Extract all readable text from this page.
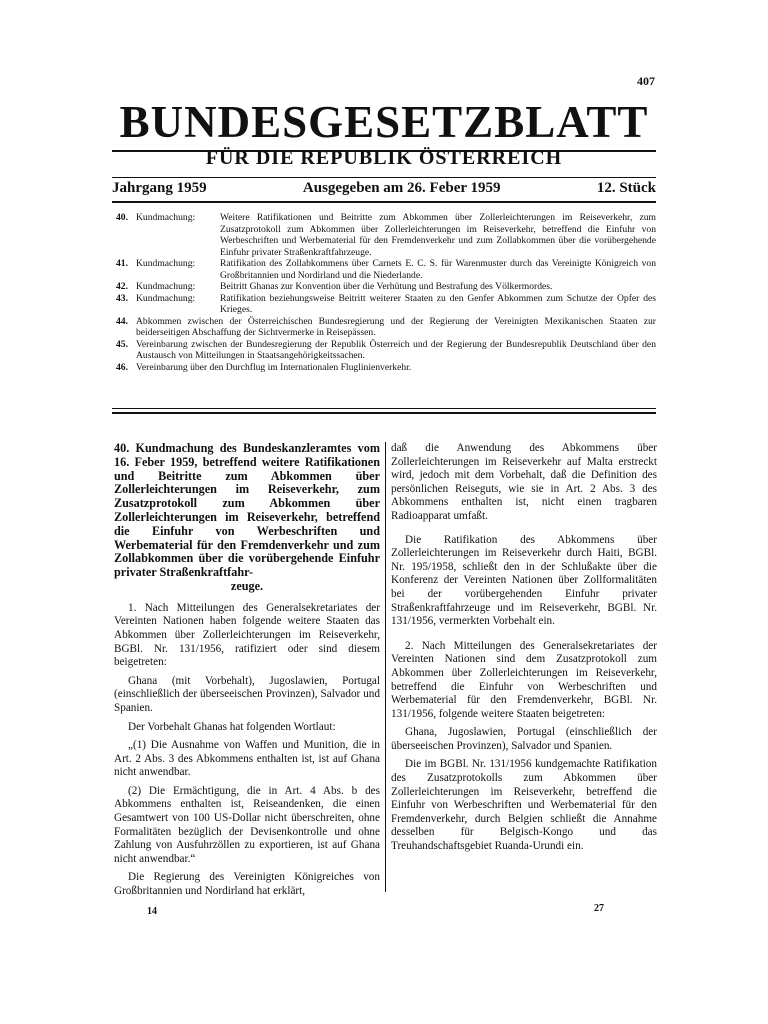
407
BUNDESGESETZBLATT
FÜR DIE REPUBLIK ÖSTERREICH
Jahrgang 1959	Ausgegeben am 26. Feber 1959	12. Stück
40. Kundmachung:	Weitere Ratifikationen und Beitritte zum Abkommen über Zollerleichterungen im Reiseverkehr, zum Zusatzprotokoll zum Abkommen über Zollerleichterungen im Reiseverkehr, betreffend die Einfuhr von Werbeschriften und Werbematerial für den Fremdenverkehr und zum Zollabkommen über die vorübergehende Einfuhr privater Straßenkraftfahrzeuge.
41. Kundmachung:	Ratifikation des Zollabkommens über Carnets E. C. S. für Warenmuster durch das Vereinigte Königreich von Großbritannien und Nordirland und die Niederlande.
42. Kundmachung:	Beitritt Ghanas zur Konvention über die Verhütung und Bestrafung des Völkermordes.
43. Kundmachung:	Ratifikation beziehungsweise Beitritt weiterer Staaten zu den Genfer Abkommen zum Schutze der Opfer des Krieges.
44. Abkommen zwischen der Österreichischen Bundesregierung und der Regierung der Vereinigten Mexikanischen Staaten zur beiderseitigen Abschaffung der Sichtvermerke in Reisepässen.
45. Vereinbarung zwischen der Bundesregierung der Republik Österreich und der Regierung der Bundesrepublik Deutschland über den Austausch von Mitteilungen in Staatsangehörigkeitssachen.
46. Vereinbarung über den Durchflug im Internationalen Fluglinienverkehr.
40. Kundmachung des Bundeskanzleramtes vom 16. Feber 1959, betreffend weitere Ratifikationen und Beitritte zum Abkommen über Zollerleichterungen im Reiseverkehr, zum Zusatzprotokoll zum Abkommen über Zollerleichterungen im Reiseverkehr, betreffend die Einfuhr von Werbeschriften und Werbematerial für den Fremdenverkehr und zum Zollabkommen über die vorübergehende Einfuhr privater Straßenkraftfahr-
zeuge.

1. Nach Mitteilungen des Generalsekretariates der Vereinten Nationen haben folgende weitere Staaten das Abkommen über Zollerleichterungen im Reiseverkehr, BGBl. Nr. 131/1956, ratifiziert oder sind diesem beigetreten:

Ghana (mit Vorbehalt), Jugoslawien, Portugal (einschließlich der überseeischen Provinzen), Salvador und Spanien.

Der Vorbehalt Ghanas hat folgenden Wortlaut:

„(1) Die Ausnahme von Waffen und Munition, die in Art. 2 Abs. 3 des Abkommens enthalten ist, ist auf Ghana nicht anwendbar.

(2) Die Ermächtigung, die in Art. 4 Abs. b des Abkommens enthalten ist, Reiseandenken, die einen Gesamtwert von 100 US-Dollar nicht überschreiten, ohne Formalitäten bezüglich der Devisenkontrolle und ohne Zahlung von Ausfuhrzöllen zu exportieren, ist auf Ghana nicht anwendbar.“

Die Regierung des Vereinigten Königreiches von Großbritannien und Nordirland hat erklärt,

daß die Anwendung des Abkommens über Zollerleichterungen im Reiseverkehr auf Malta erstreckt wird, jedoch mit dem Vorbehalt, daß die Definition des persönlichen Reiseguts, wie sie in Art. 2 Abs. 3 des Abkommens enthalten ist, nicht einen tragbaren Radioapparat umfaßt.

Die Ratifikation des Abkommens über Zollerleichterungen im Reiseverkehr durch Haiti, BGBl. Nr. 195/1958, schließt den in der Schlußakte über die Konferenz der Vereinten Nationen über Zollformalitäten bei der vorübergehenden Einfuhr privater Straßenkraftfahrzeuge und im Reiseverkehr, BGBl. Nr. 131/1956, vermerkten Vorbehalt ein.

2. Nach Mitteilungen des Generalsekretariates der Vereinten Nationen sind dem Zusatzprotokoll zum Abkommen über Zollerleichterungen im Reiseverkehr, betreffend die Einfuhr von Werbeschriften und Werbematerial für den Fremdenverkehr, BGBl. Nr. 131/1956, folgende weitere Staaten beigetreten:

Ghana, Jugoslawien, Portugal (einschließlich der überseeischen Provinzen), Salvador und Spanien.

Die im BGBl. Nr. 131/1956 kundgemachte Ratifikation des Zusatzprotokolls zum Abkommen über Zollerleichterungen im Reiseverkehr, betreffend die Einfuhr von Werbeschriften und Werbematerial für den Fremdenverkehr, durch Belgien schließt die Annahme desselben für Belgisch-Kongo und das Treuhandschaftsgebiet Ruanda-Urundi ein.

14	27
